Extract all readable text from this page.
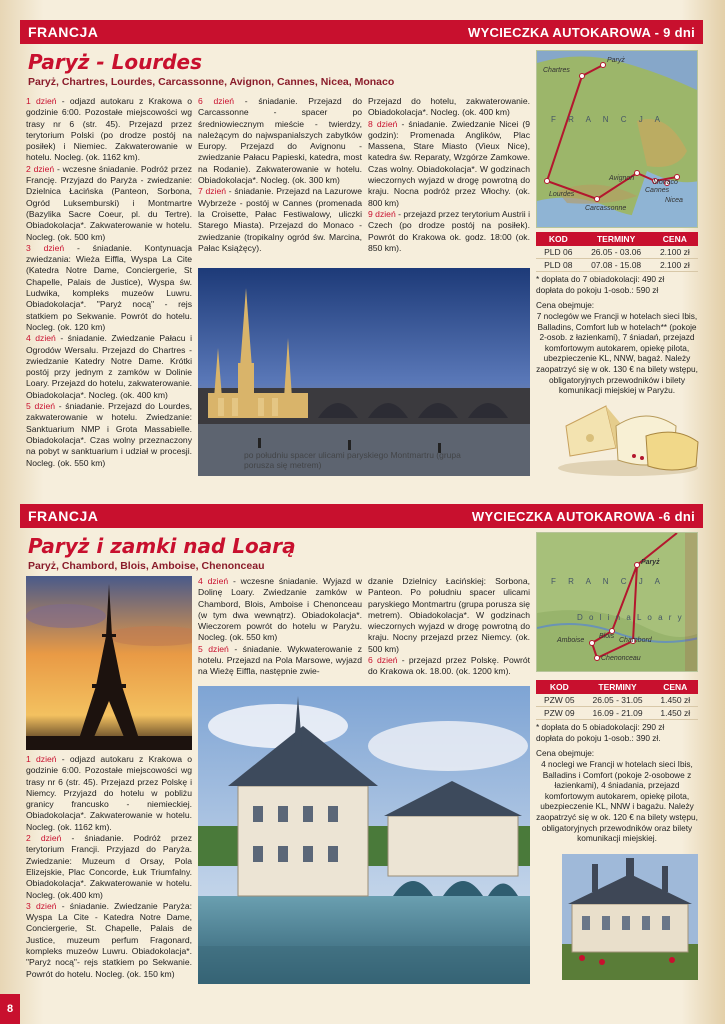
FRANCJA	WYCIECZKA AUTOKAROWA - 9 dni
Paryż - Lourdes
Paryż, Chartres, Lourdes, Carcassonne, Avignon, Cannes, Nicea, Monaco

1 dzień - odjazd autokaru z Krakowa o godzinie 6:00. Pozostałe miejscowości wg trasy nr 6 (str. 45). Przejazd przez terytorium Polski (po drodze postój na posiłek) i Niemiec. Zakwaterowanie w hotelu. Nocleg. (ok. 1162 km).

2 dzień - wczesne śniadanie. Podróż przez Francję. Przyjazd do Paryża - zwiedzanie: Dzielnica Łacińska (Panteon, Sorbona, Ogród Luksemburski) i Montmartre (Bazylika Sacre Coeur, pl. du Tertre). Obiadokolacja*. Zakwaterowanie w hotelu. Nocleg. (ok. 500 km)

3 dzień - śniadanie. Kontynuacja zwiedzania: Wieża Eiffla, Wyspa La Cite (Katedra Notre Dame, Conciergerie, St Chapelle, Palais de Justice), Wyspa św. Ludwika, kompleks muzeów Luwru. Obiadokolacja*. "Paryż nocą" - rejs statkiem po Sekwanie. Powrót do hotelu. Nocleg. (ok. 120 km)

4 dzień - śniadanie. Zwiedzanie Pałacu i Ogrodów Wersalu. Przejazd do Chartres - zwiedzanie Katedry Notre Dame. Krótki postój przy jednym z zamków w Dolinie Loary. Przejazd do hotelu, zakwaterowanie. Obiadokolacja*. Nocleg. (ok. 400 km)

5 dzień - śniadanie. Przejazd do Lourdes, zakwaterowanie w hotelu. Zwiedzanie: Sanktuarium NMP i Grota Massabielle. Obiadokolacja*. Czas wolny przeznaczony na pobyt w sanktuarium i udział w procesji. Nocleg. (ok. 550 km)

6 dzień - śniadanie. Przejazd do Carcassonne - spacer po średniowiecznym mieście - twierdzy, należącym do najwspanialszych zabytków Europy. Przejazd do Avignonu - zwiedzanie Pałacu Papieski, katedra, most na Rodanie). Zakwaterowanie w hotelu. Obiadokolacja*. Nocleg. (ok. 300 km)

7 dzień - śniadanie. Przejazd na Lazurowe Wybrzeże - postój w Cannes (promenada la Croisette, Pałac Festiwalowy, uliczki Starego Miasta). Przejazd do Monaco - zwiedzanie (tropikalny ogród św. Marcina, Pałac Książęcy).

Przejazd do hotelu, zakwaterowanie. Obiadokolacja*. Nocleg. (ok. 400 km)

8 dzień - śniadanie. Zwiedzanie Nicei (9 godzin): Promenada Anglików, Plac Massena, Stare Miasto (Vieux Nice), katedra św. Reparaty, Wzgórze Zamkowe. Czas wolny. Obiadokolacja*. W godzinach wieczornych wyjazd w drogę powrotną do kraju. Nocna podróż przez Włochy. (ok. 800 km)

9 dzień - przejazd przez terytorium Austrii i Czech (po drodze postój na posiłek). Powrót do Krakowa ok. godz. 18:00 (ok. 850 km).

po południu spacer ulicami paryskiego Montmartru (grupa porusza się metrem)
F R A N C J A
Paryż
Chartres
Lourdes
Carcassonne
Avignon
Monaco
Cannes
Nicea
KOD	TERMINY	CENA
PLD 06	26.05 - 03.06	2.100 zł
PLD 08	07.08 - 15.08	2.100 zł
* dopłata do 7 obiadokolacji: 490 zł
dopłata do pokoju 1-osob.: 590 zł
Cena obejmuje:
7 noclegów we Francji w hotelach sieci Ibis, Balladins, Comfort lub w hotelach** (pokoje 2-osob. z łazienkami), 7 śniadań, przejazd komfortowym autokarem, opiekę pilota, ubezpieczenie KL, NNW, bagaż. Należy zaopatrzyć się w ok. 130 € na bilety wstępu, obligatoryjnych przewodników i bilety komunikacji miejskiej w Paryżu.
FRANCJA	WYCIECZKA AUTOKAROWA -6 dni
Paryż i zamki nad Loarą
Paryż, Chambord, Blois, Amboise, Chenonceau

1 dzień - odjazd autokaru z Krakowa o godzinie 6:00. Pozostałe miejscowości wg trasy nr 6 (str. 45). Przejazd przez Polskę i Niemcy. Przyjazd do hotelu w pobliżu granicy francusko - niemieckiej. Obiadokolacja*. Zakwaterowanie w hotelu. Nocleg. (ok. 1162 km).

2 dzień - śniadanie. Podróż przez terytorium Francji. Przyjazd do Paryża. Zwiedzanie: Muzeum d Orsay, Pola Elizejskie, Plac Concorde, Łuk Triumfalny. Obiadokolacja*. Zakwaterowanie w hotelu. Nocleg. (ok.400 km)

3 dzień - śniadanie. Zwiedzanie Paryża: Wyspa La Cite - Katedra Notre Dame, Conciergerie, St. Chapelle, Palais de Justice, muzeum perfum Fragonard, kompleks muzeów Luwru. Obiadokolacja*. "Paryż nocą"- rejs statkiem po Sekwanie. Powrót do hotelu. Nocleg. (ok. 150 km)

4 dzień - wczesne śniadanie. Wyjazd w Dolinę Loary. Zwiedzanie zamków w Chambord, Blois, Amboise i Chenonceau (w tym dwa wewnątrz). Obiadokolacja*. Wieczorem powrót do hotelu w Paryżu. Nocleg. (ok. 550 km)

5 dzień - śniadanie. Wykwaterowanie z hotelu. Przejazd na Pola Marsowe, wyjazd na Wieżę Eiffla, następnie zwie-

dzanie Dzielnicy Łacińskiej: Sorbona, Panteon. Po południu spacer ulicami paryskiego Montmartru (grupa porusza się metrem). Obiadokolacja*. W godzinach wieczornych wyjazd w drogę powrotną do kraju. Nocny przejazd przez Niemcy. (ok. 500 km)

6 dzień - przejazd przez Polskę. Powrót do Krakowa ok. 18.00. (ok. 1200 km).

F R A N C J A
D o l i n a L o a r y
Paryż
Blois
Chambord
Amboise
Chenonceau
KOD	TERMINY	CENA
PZW 05	26.05 - 31.05	1.450 zł
PZW 09	16.09 - 21.09	1.450 zł
* dopłata do 5 obiadokolacji: 290 zł
dopłata do pokoju 1-osob.: 390 zł.
Cena obejmuje:
4 noclegi we Francji w hotelach sieci Ibis, Balladins i Comfort (pokoje 2-osobowe z łazienkami), 4 śniadania, przejazd komfortowym autokarem, opiekę pilota, ubezpieczenie KL, NNW i bagażu. Należy zaopatrzyć się w ok. 120 € na bilety wstępu, obligatoryjnych przewodników oraz bilety komunikacji miejskiej.
8
